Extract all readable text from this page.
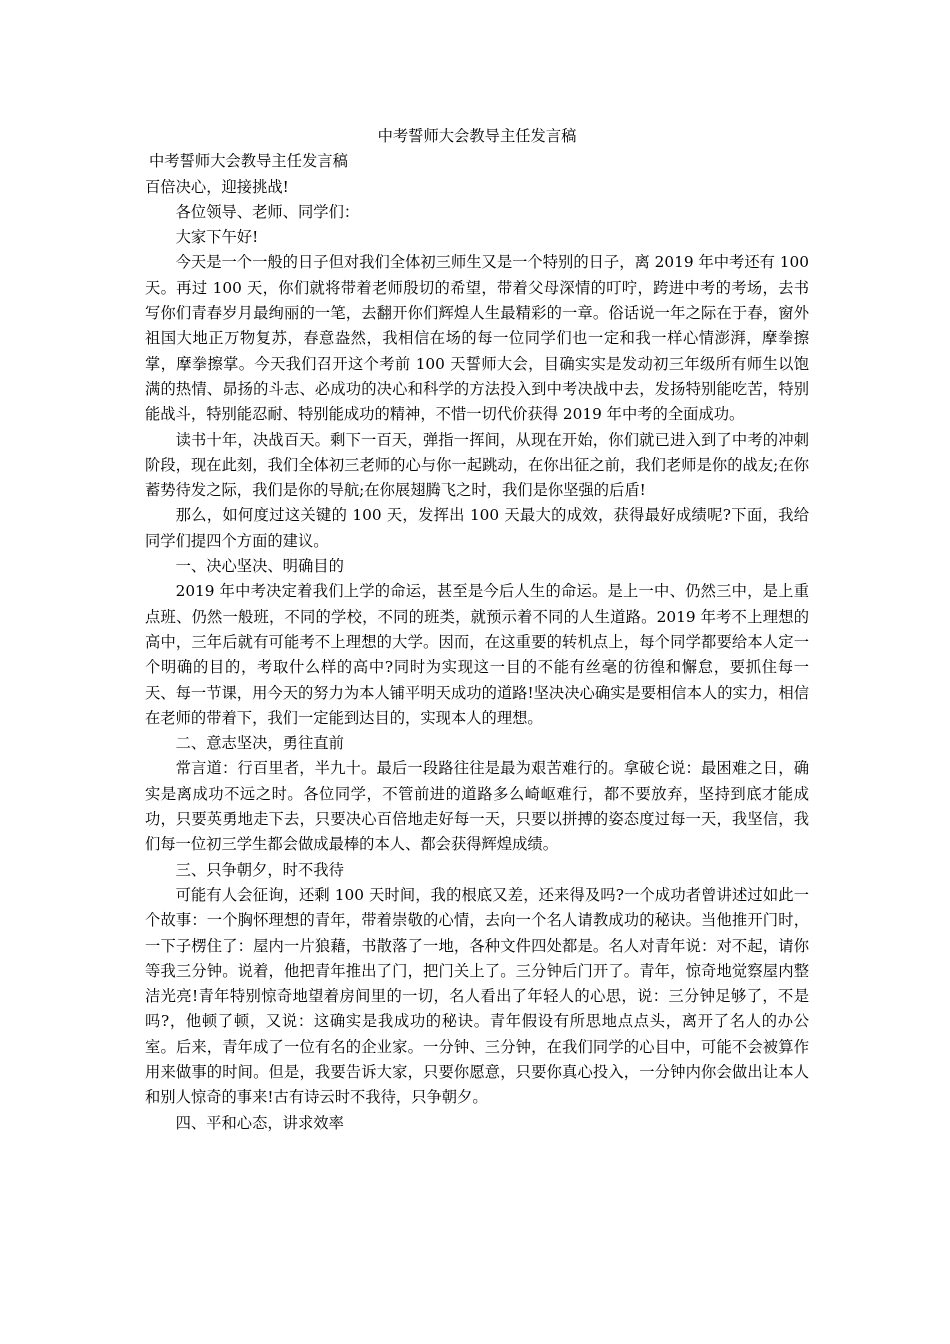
中考誓师大会教导主任发言稿

中考誓师大会教导主任发言稿

百倍决心，迎接挑战!

各位领导、老师、同学们：

大家下午好!

今天是一个一般的日子但对我们全体初三师生又是一个特别的日子，离 2019 年中考还有 100 天。再过 100 天，你们就将带着老师殷切的希望，带着父母深情的叮咛，跨进中考的考场，去书写你们青春岁月最绚丽的一笔，去翻开你们辉煌人生最精彩的一章。俗话说一年之际在于春，窗外祖国大地正万物复苏，春意盎然，我相信在场的每一位同学们也一定和我一样心情澎湃，摩拳擦掌，摩拳擦掌。今天我们召开这个考前 100 天誓师大会，目确实实是发动初三年级所有师生以饱满的热情、昴扬的斗志、必成功的决心和科学的方法投入到中考决战中去，发扬特别能吃苦，特别能战斗，特别能忍耐、特别能成功的精神，不惜一切代价获得 2019 年中考的全面成功。

读书十年，决战百天。剩下一百天，弹指一挥间，从现在开始，你们就已进入到了中考的冲刺阶段，现在此刻，我们全体初三老师的心与你一起跳动，在你出征之前，我们老师是你的战友;在你蓄势待发之际，我们是你的导航;在你展翅腾飞之时，我们是你坚强的后盾!

那么，如何度过这关键的 100 天，发挥出 100 天最大的成效，获得最好成绩呢?下面，我给同学们提四个方面的建议。

一、决心坚决、明确目的

2019 年中考决定着我们上学的命运，甚至是今后人生的命运。是上一中、仍然三中，是上重点班、仍然一般班，不同的学校，不同的班类，就预示着不同的人生道路。2019 年考不上理想的高中，三年后就有可能考不上理想的大学。因而，在这重要的转机点上，每个同学都要给本人定一个明确的目的，考取什么样的高中?同时为实现这一目的不能有丝毫的彷徨和懈怠，要抓住每一天、每一节课，用今天的努力为本人铺平明天成功的道路!坚决决心确实是要相信本人的实力，相信在老师的带着下，我们一定能到达目的，实现本人的理想。

二、意志坚决，勇往直前

常言道：行百里者，半九十。最后一段路往往是最为艰苦难行的。拿破仑说：最困难之日，确实是离成功不远之时。各位同学，不管前进的道路多么崎岖难行，都不要放弃，坚持到底才能成功，只要英勇地走下去，只要决心百倍地走好每一天，只要以拼搏的姿态度过每一天，我坚信，我们每一位初三学生都会做成最棒的本人、都会获得辉煌成绩。

三、只争朝夕，时不我待

可能有人会征询，还剩 100 天时间，我的根底又差，还来得及吗?一个成功者曾讲述过如此一个故事：一个胸怀理想的青年，带着崇敬的心情，去向一个名人请教成功的秘诀。当他推开门时，一下子楞住了：屋内一片狼藉，书散落了一地，各种文件四处都是。名人对青年说：对不起，请你等我三分钟。说着，他把青年推出了门，把门关上了。三分钟后门开了。青年，惊奇地觉察屋内整洁光亮!青年特别惊奇地望着房间里的一切，名人看出了年轻人的心思，说：三分钟足够了，不是吗?，他顿了顿，又说：这确实是我成功的秘诀。青年假设有所思地点点头，离开了名人的办公室。后来，青年成了一位有名的企业家。一分钟、三分钟，在我们同学的心目中，可能不会被算作用来做事的时间。但是，我要告诉大家，只要你愿意，只要你真心投入，一分钟内你会做出让本人和别人惊奇的事来!古有诗云时不我待，只争朝夕。

四、平和心态，讲求效率
